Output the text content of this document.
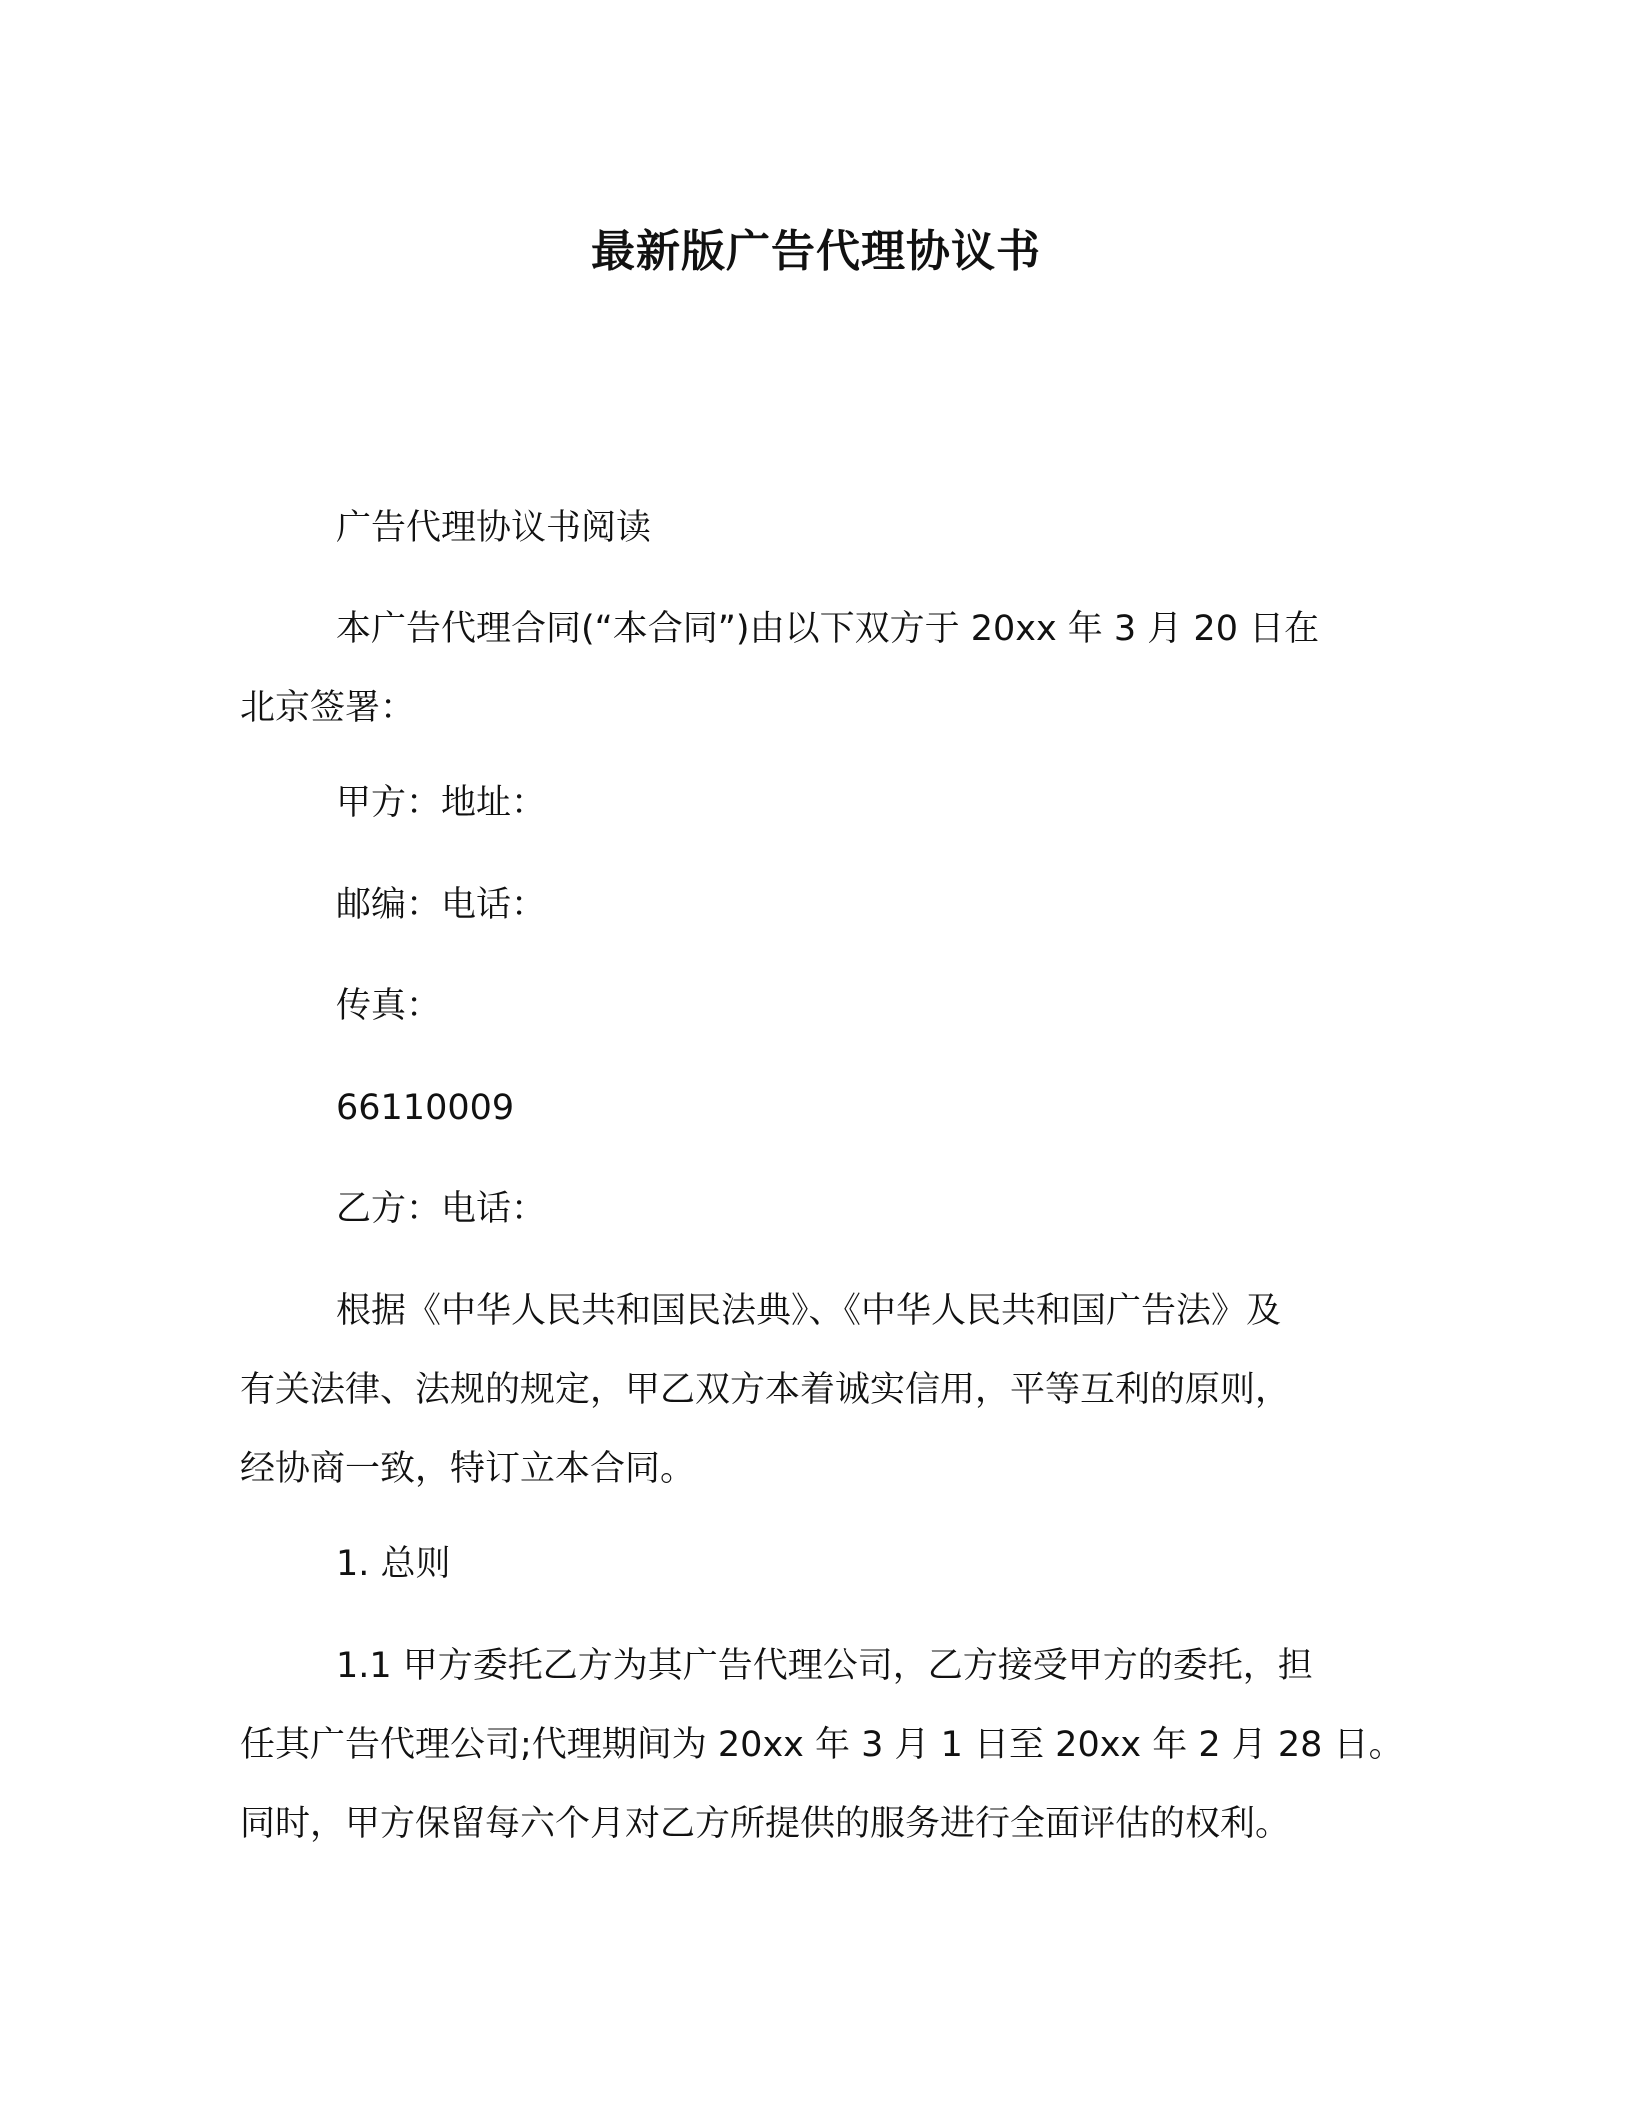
最新版广告代理协议书
广告代理协议书阅读
本广告代理合同(“本合同”)由以下双方于 20xx 年 3 月 20 日在
北京签署：
甲方：地址：
邮编：电话：
传真：
66110009
乙方：电话：
根据《中华人民共和国民法典》、《中华人民共和国广告法》及
有关法律、法规的规定，甲乙双方本着诚实信用，平等互利的原则，
经协商一致，特订立本合同。
1. 总则
1.1 甲方委托乙方为其广告代理公司，乙方接受甲方的委托，担
任其广告代理公司;代理期间为 20xx 年 3 月 1 日至 20xx 年 2 月 28 日。
同时，甲方保留每六个月对乙方所提供的服务进行全面评估的权利。
